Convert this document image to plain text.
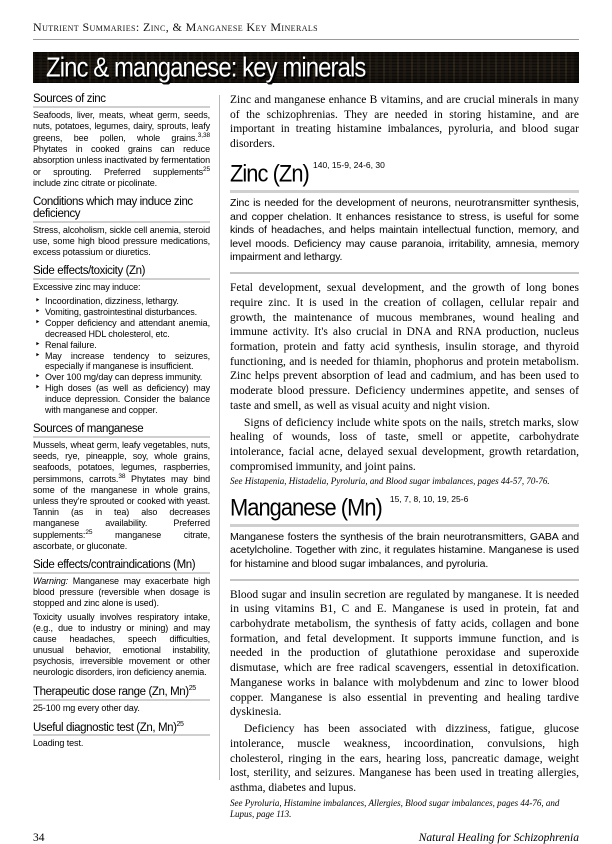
Nutrient Summaries: Zinc, & Manganese Key Minerals
Zinc & manganese: key minerals
Sources of zinc

Seafoods, liver, meats, wheat germ, seeds, nuts, potatoes, legumes, dairy, sprouts, leafy greens, bee pollen, whole grains.$^{3,38}$ Phytates in cooked grains can reduce absorption unless inactivated by fermentation or sprouting. Preferred supplements$^{25}$ include zinc citrate or picolinate.

Conditions which may induce zinc deficiency

Stress, alcoholism, sickle cell anemia, steroid use, some high blood pressure medications, excess potassium or diuretics.

Side effects/toxicity (Zn)

Excessive zinc may induce:

‣ Incoordination, dizziness, lethargy.
‣ Vomiting, gastrointestinal disturbances.
‣ Copper deficiency and attendant anemia, decreased HDL cholesterol, etc.
‣ Renal failure.
‣ May increase tendency to seizures, especially if manganese is insufficient.
‣ Over 100 mg/day can depress immunity.
‣ High doses (as well as deficiency) may induce depression. Consider the balance with manganese and copper.
Sources of manganese

Mussels, wheat germ, leafy vegetables, nuts, seeds, rye, pineapple, soy, whole grains, seafoods, potatoes, legumes, raspberries, persimmons, carrots.$^{38}$ Phytates may bind some of the manganese in whole grains, unless they're sprouted or cooked with yeast. Tannin (as in tea) also decreases manganese availability. Preferred supplements:$^{25}$ manganese citrate, ascorbate, or gluconate.

Side effects/contraindications (Mn)

Warning: Manganese may exacerbate high blood pressure (reversible when dosage is stopped and zinc alone is used).

Toxicity usually involves respiratory intake, (e.g., due to industry or mining) and may cause headaches, speech difficulties, unusual behavior, emotional instability, psychosis, irreversible movement or other neurologic disorders, iron deficiency anemia.

Therapeutic dose range (Zn, Mn)$^{25}$

25-100 mg every other day.

Useful diagnostic test (Zn, Mn)$^{25}$

Loading test.

Zinc and manganese enhance B vitamins, and are crucial minerals in many of the schizophrenias. They are needed in storing histamine, and are important in treating histamine imbalances, pyroluria, and blood sugar disorders.

Zinc (Zn) $^{140, 15-9, 24-6, 30}$

Zinc is needed for the development of neurons, neurotransmitter synthesis, and copper chelation. It enhances resistance to stress, is useful for some kinds of headaches, and helps maintain intellectual function, memory, and level moods. Deficiency may cause paranoia, irritability, amnesia, memory impairment and lethargy.

Fetal development, sexual development, and the growth of long bones require zinc. It is used in the creation of collagen, cellular repair and growth, the maintenance of mucous membranes, wound healing and immune activity. It's also crucial in DNA and RNA production, nucleus formation, protein and fatty acid synthesis, insulin storage, and thyroid functioning, and is needed for thiamin, phophorus and protein metabolism. Zinc helps prevent absorption of lead and cadmium, and has been used to moderate blood pressure. Deficiency undermines appetite, and senses of taste and smell, as well as visual acuity and night vision.

Signs of deficiency include white spots on the nails, stretch marks, slow healing of wounds, loss of taste, smell or appetite, carbohydrate intolerance, facial acne, delayed sexual development, growth retardation, compromised immunity, and joint pains.

See Histapenia, Histadelia, Pyroluria, and Blood sugar imbalances, pages 44-57, 70-76.

Manganese (Mn) $^{15, 7, 8, 10, 19, 25-6}$

Manganese fosters the synthesis of the brain neurotransmitters, GABA and acetylcholine. Together with zinc, it regulates histamine. Manganese is used for histamine and blood sugar imbalances, and pyroluria.

Blood sugar and insulin secretion are regulated by manganese. It is needed in using vitamins B1, C and E. Manganese is used in protein, fat and carbohydrate metabolism, the synthesis of fatty acids, collagen and bone formation, and fetal development. It supports immune function, and is needed in the production of glutathione peroxidase and superoxide dismutase, which are free radical scavengers, essential in detoxification. Manganese works in balance with molybdenum and zinc to lower blood copper. Manganese is also essential in preventing and healing tardive dyskinesia.

Deficiency has been associated with dizziness, fatigue, glucose intolerance, muscle weakness, incoordination, convulsions, high cholesterol, ringing in the ears, hearing loss, pancreatic damage, weight lost, sterility, and seizures. Manganese has been used in treating allergies, asthma, diabetes and lupus.

See Pyroluria, Histamine imbalances, Allergies, Blood sugar imbalances, pages 44-76, and Lupus, page 113.

34	Natural Healing for Schizophrenia
